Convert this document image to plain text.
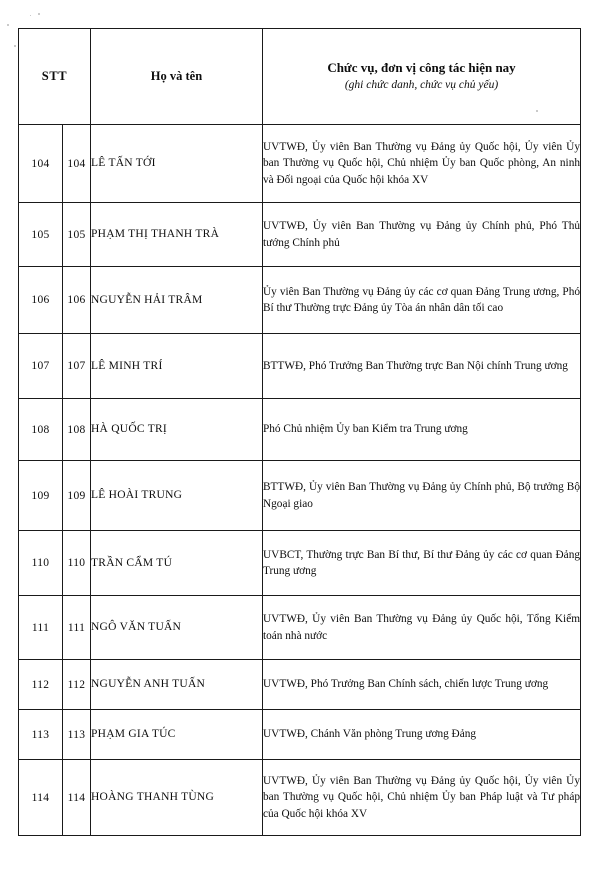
STT		Họ và tên	Chức vụ, đơn vị công tác hiện nay
(ghi chức danh, chức vụ chủ yếu)

104	104	LÊ TẤN TỚI	UVTWĐ, Ủy viên Ban Thường vụ Đảng ủy Quốc hội, Ủy viên Ủy ban Thường vụ Quốc hội, Chủ nhiệm Ủy ban Quốc phòng, An ninh và Đối ngoại của Quốc hội khóa XV

105	105	PHẠM THỊ THANH TRÀ	UVTWĐ, Ủy viên Ban Thường vụ Đảng ủy Chính phủ, Phó Thủ tướng Chính phủ

106	106	NGUYỄN HẢI TRÂM	Ủy viên Ban Thường vụ Đảng ủy các cơ quan Đảng Trung ương, Phó Bí thư Thường trực Đảng ủy Tòa án nhân dân tối cao

107	107	LÊ MINH TRÍ	BTTWĐ, Phó Trưởng Ban Thường trực Ban Nội chính Trung ương

108	108	HÀ QUỐC TRỊ	Phó Chủ nhiệm Ủy ban Kiểm tra Trung ương

109	109	LÊ HOÀI TRUNG	BTTWĐ, Ủy viên Ban Thường vụ Đảng ủy Chính phủ, Bộ trưởng Bộ Ngoại giao

110	110	TRẦN CẨM TÚ	UVBCT, Thường trực Ban Bí thư, Bí thư Đảng ủy các cơ quan Đảng Trung ương

111	111	NGÔ VĂN TUẤN	UVTWĐ, Ủy viên Ban Thường vụ Đảng ủy Quốc hội, Tổng Kiểm toán nhà nước

112	112	NGUYỄN ANH TUẤN	UVTWĐ, Phó Trưởng Ban Chính sách, chiến lược Trung ương

113	113	PHẠM GIA TÚC	UVTWĐ, Chánh Văn phòng Trung ương Đảng

114	114	HOÀNG THANH TÙNG	UVTWĐ, Ủy viên Ban Thường vụ Đảng ủy Quốc hội, Ủy viên Ủy ban Thường vụ Quốc hội, Chủ nhiệm Ủy ban Pháp luật và Tư pháp của Quốc hội khóa XV
